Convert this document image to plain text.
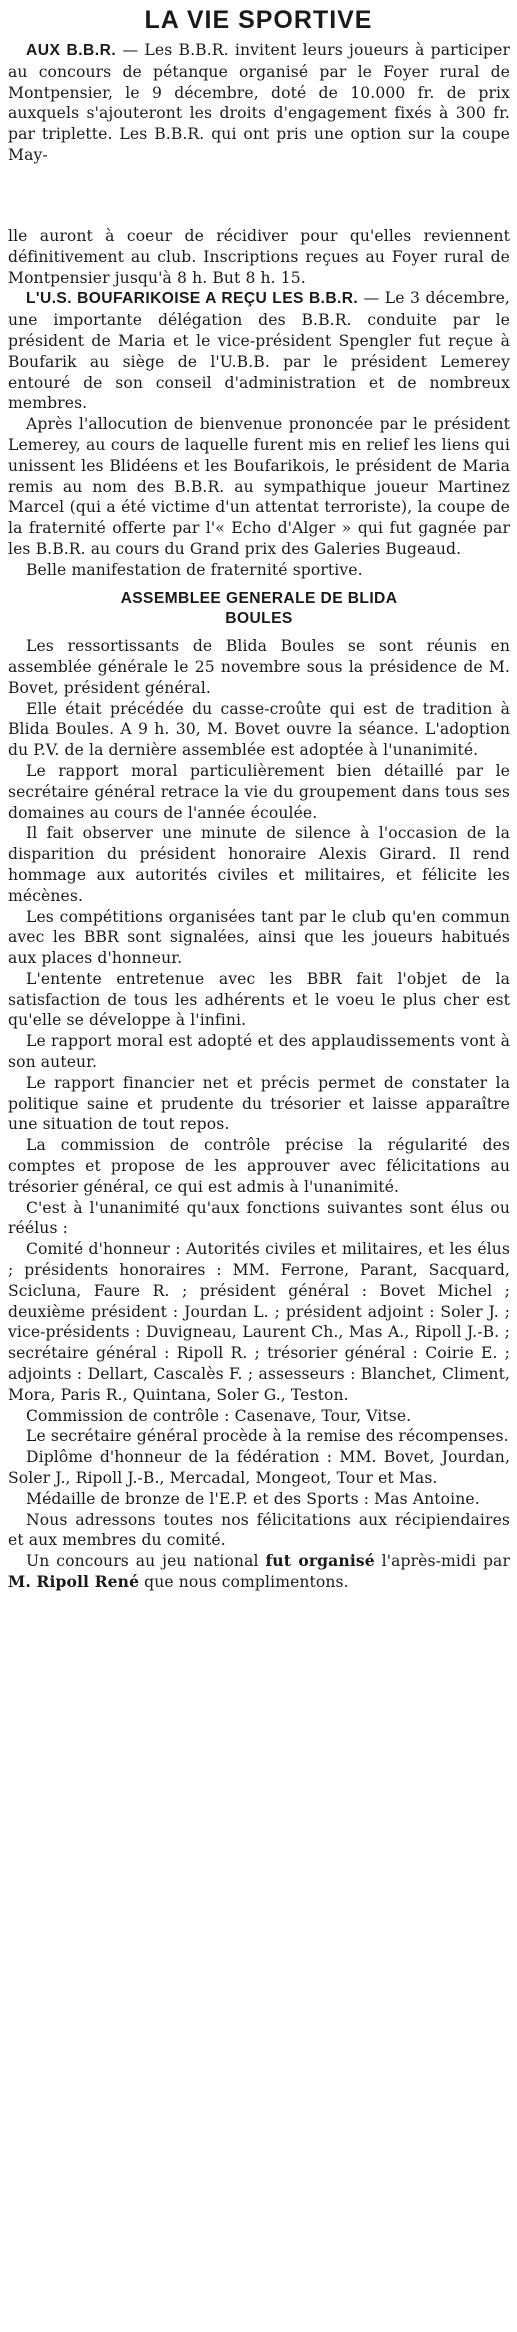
LA VIE SPORTIVE

AUX B.B.R. — Les B.B.R. invitent leurs joueurs à participer au concours de pétanque organisé par le Foyer rural de Montpensier, le 9 décembre, doté de 10.000 fr. de prix auxquels s'ajouteront les droits d'engagement fixés à 300 fr. par triplette. Les B.B.R. qui ont pris une option sur la coupe May-

lle auront à coeur de récidiver pour qu'elles reviennent définitivement au club. Inscriptions reçues au Foyer rural de Montpensier jusqu'à 8 h. But 8 h. 15.

L'U.S. BOUFARIKOISE A REÇU LES B.B.R. — Le 3 décembre, une importante délégation des B.B.R. conduite par le président de Maria et le vice-président Spengler fut reçue à Boufarik au siège de l'U.B.B. par le président Lemerey entouré de son conseil d'administration et de nombreux membres.

Après l'allocution de bienvenue prononcée par le président Lemerey, au cours de laquelle furent mis en relief les liens qui unissent les Blidéens et les Boufarikois, le président de Maria remis au nom des B.B.R. au sympathique joueur Martinez Marcel (qui a été victime d'un attentat terroriste), la coupe de la fraternité offerte par l'« Echo d'Alger » qui fut gagnée par les B.B.R. au cours du Grand prix des Galeries Bugeaud.

Belle manifestation de fraternité sportive.

ASSEMBLEE GENERALE DE BLIDA
BOULES

Les ressortissants de Blida Boules se sont réunis en assemblée générale le 25 novembre sous la présidence de M. Bovet, président général.

Elle était précédée du casse-croûte qui est de tradition à Blida Boules. A 9 h. 30, M. Bovet ouvre la séance. L'adoption du P.V. de la dernière assemblée est adoptée à l'unanimité.

Le rapport moral particulièrement bien détaillé par le secrétaire général retrace la vie du groupement dans tous ses domaines au cours de l'année écoulée.

Il fait observer une minute de silence à l'occasion de la disparition du président honoraire Alexis Girard. Il rend hommage aux autorités civiles et militaires, et félicite les mécènes.

Les compétitions organisées tant par le club qu'en commun avec les BBR sont signalées, ainsi que les joueurs habitués aux places d'honneur.

L'entente entretenue avec les BBR fait l'objet de la satisfaction de tous les adhérents et le voeu le plus cher est qu'elle se développe à l'infini.

Le rapport moral est adopté et des applaudissements vont à son auteur.

Le rapport financier net et précis permet de constater la politique saine et prudente du trésorier et laisse apparaître une situation de tout repos.

La commission de contrôle précise la régularité des comptes et propose de les approuver avec félicitations au trésorier général, ce qui est admis à l'unanimité.

C'est à l'unanimité qu'aux fonctions suivantes sont élus ou réélus :

Comité d'honneur : Autorités civiles et militaires, et les élus ; présidents honoraires : MM. Ferrone, Parant, Sacquard, Scicluna, Faure R. ; président général : Bovet Michel ; deuxième président : Jourdan L. ; président adjoint : Soler J. ; vice-présidents : Duvigneau, Laurent Ch., Mas A., Ripoll J.-B. ; secrétaire général : Ripoll R. ; trésorier général : Coirie E. ; adjoints : Dellart, Cascalès F. ; assesseurs : Blanchet, Climent, Mora, Paris R., Quintana, Soler G., Teston.

Commission de contrôle : Casenave, Tour, Vitse.

Le secrétaire général procède à la remise des récompenses.

Diplôme d'honneur de la fédération : MM. Bovet, Jourdan, Soler J., Ripoll J.-B., Mercadal, Mongeot, Tour et Mas.

Médaille de bronze de l'E.P. et des Sports : Mas Antoine.

Nous adressons toutes nos félicitations aux récipiendaires et aux membres du comité.

Un concours au jeu national fut organisé l'après-midi par M. Ripoll René que nous complimentons.
